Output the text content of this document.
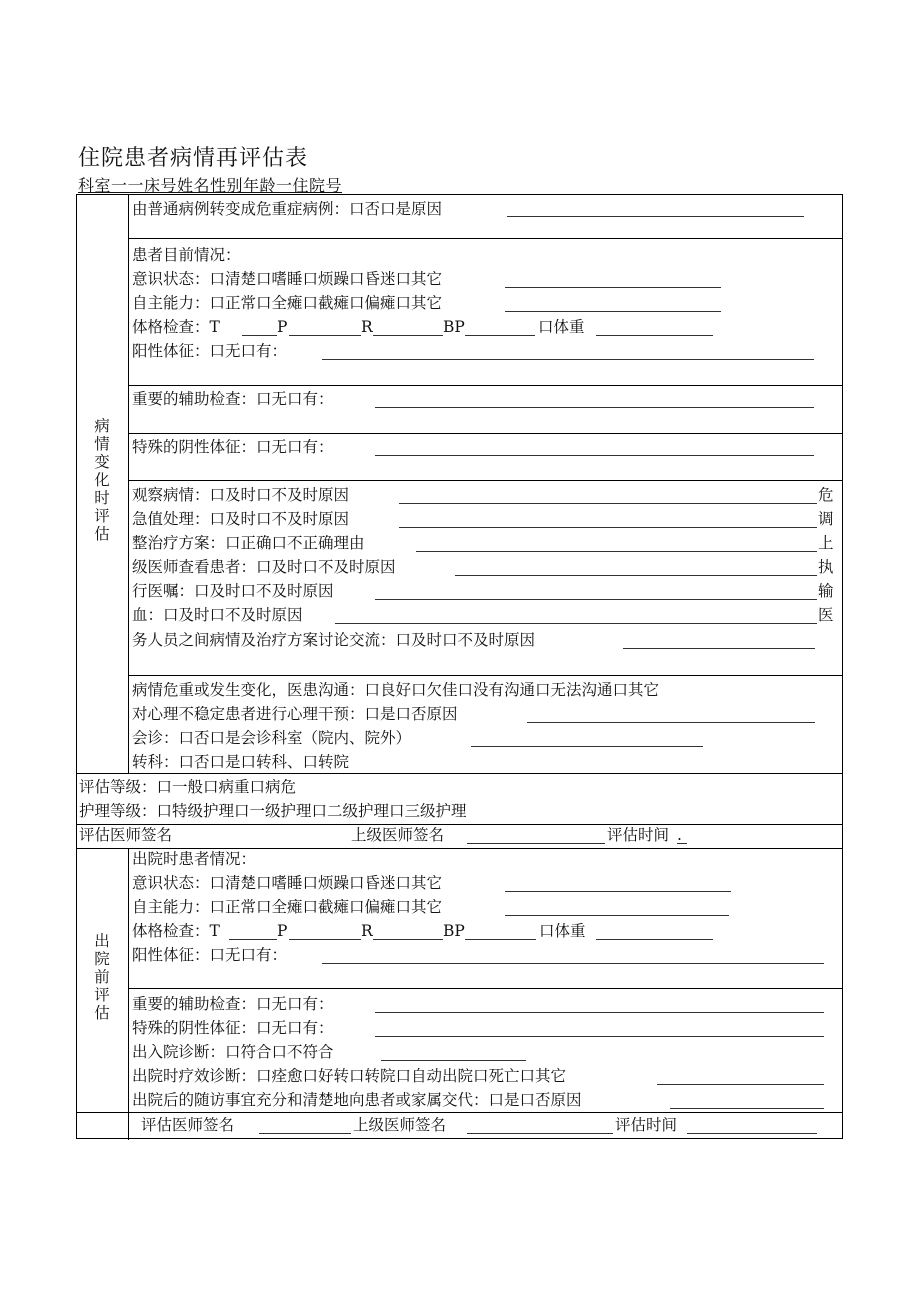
住院患者病情再评估表
科室一一床号姓名性别年龄一住院号
病情变化时评估
由普通病例转变成危重症病例：口否口是原因
患者目前情况：
意识状态：口清楚口嗜睡口烦躁口昏迷口其它
自主能力：口正常口全瘫口截瘫口偏瘫口其它
体格检查：T	P	R	BP	口体重
阳性体征：口无口有：
重要的辅助检查：口无口有：
特殊的阴性体征：口无口有：
观察病情：口及时口不及时原因	危
急值处理：口及时口不及时原因	调
整治疗方案：口正确口不正确理由	上
级医师查看患者：口及时口不及时原因	执
行医嘱：口及时口不及时原因	输
血：口及时口不及时原因	医
务人员之间病情及治疗方案讨论交流：口及时口不及时原因
病情危重或发生变化，医患沟通：口良好口欠佳口没有沟通口无法沟通口其它
对心理不稳定患者进行心理干预：口是口否原因
会诊：口否口是会诊科室（院内、院外）
转科：口否口是口转科、口转院
评估等级：口一般口病重口病危
护理等级：口特级护理口一级护理口二级护理口三级护理
评估医师签名	上级医师签名	评估时间 .
出院前评估
出院时患者情况：
意识状态：口清楚口嗜睡口烦躁口昏迷口其它
自主能力：口正常口全瘫口截瘫口偏瘫口其它
体格检查：T	P	R	BP	口体重
阳性体征：口无口有：
重要的辅助检查：口无口有：
特殊的阴性体征：口无口有：
出入院诊断：口符合口不符合
出院时疗效诊断：口痊愈口好转口转院口自动出院口死亡口其它
出院后的随访事宜充分和清楚地向患者或家属交代：口是口否原因
评估医师签名	上级医师签名	评估时间
